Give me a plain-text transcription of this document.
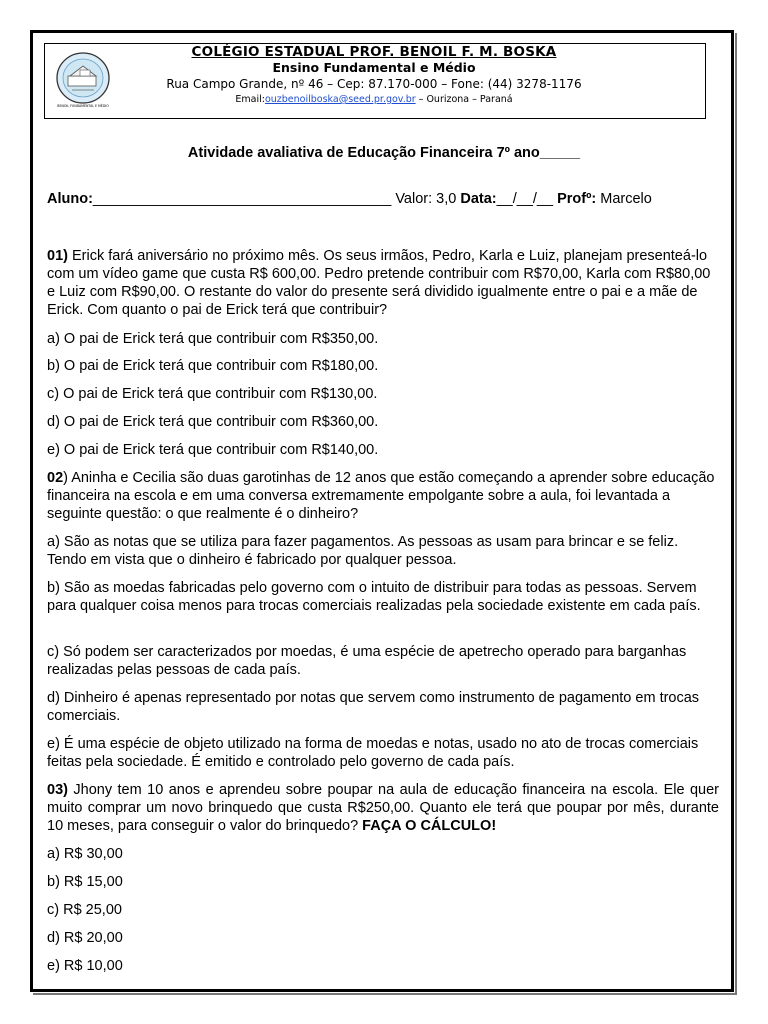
BENOIL FUNDAMENTAL E MÉDIO
COLÉGIO ESTADUAL PROF. BENOIL F. M. BOSKA
Ensino Fundamental e Médio
Rua Campo Grande, nº 46 – Cep: 87.170-000 – Fone: (44) 3278-1176
Email:ouzbenoilboska@seed.pr.gov.br – Ourizona – Paraná
Atividade avaliativa de Educação Financeira 7º ano_____
Aluno:_____________________________________ Valor: 3,0 Data:__/__/__ Profº: Marcelo
01) Erick fará aniversário no próximo mês. Os seus irmãos, Pedro, Karla e Luiz, planejam presenteá-lo com um vídeo game que custa R$ 600,00. Pedro pretende contribuir com R$70,00, Karla com R$80,00 e Luiz com R$90,00. O restante do valor do presente será dividido igualmente entre o pai e a mãe de Erick. Com quanto o pai de Erick terá que contribuir?
a) O pai de Erick terá que contribuir com R$350,00.
b) O pai de Erick terá que contribuir com R$180,00.
c) O pai de Erick terá que contribuir com R$130,00.
d) O pai de Erick terá que contribuir com R$360,00.
e) O pai de Erick terá que contribuir com R$140,00.
02) Aninha e Cecilia são duas garotinhas de 12 anos que estão começando a aprender sobre educação financeira na escola e em uma conversa extremamente empolgante sobre a aula, foi levantada a seguinte questão: o que realmente é o dinheiro?
a) São as notas que se utiliza para fazer pagamentos. As pessoas as usam para brincar e se feliz. Tendo em vista que o dinheiro é fabricado por qualquer pessoa.
b) São as moedas fabricadas pelo governo com o intuito de distribuir para todas as pessoas. Servem para qualquer coisa menos para trocas comerciais realizadas pela sociedade existente em cada país.
c) Só podem ser caracterizados por moedas, é uma espécie de apetrecho operado para barganhas realizadas pelas pessoas de cada país.
d) Dinheiro é apenas representado por notas que servem como instrumento de pagamento em trocas comerciais.
e) É uma espécie de objeto utilizado na forma de moedas e notas, usado no ato de trocas comerciais feitas pela sociedade. É emitido e controlado pelo governo de cada país.
03) Jhony tem 10 anos e aprendeu sobre poupar na aula de educação financeira na escola. Ele quer muito comprar um novo brinquedo que custa R$250,00. Quanto ele terá que poupar por mês, durante 10 meses, para conseguir o valor do brinquedo? FAÇA O CÁLCULO!
a) R$ 30,00
b) R$ 15,00
c) R$ 25,00
d) R$ 20,00
e) R$ 10,00
